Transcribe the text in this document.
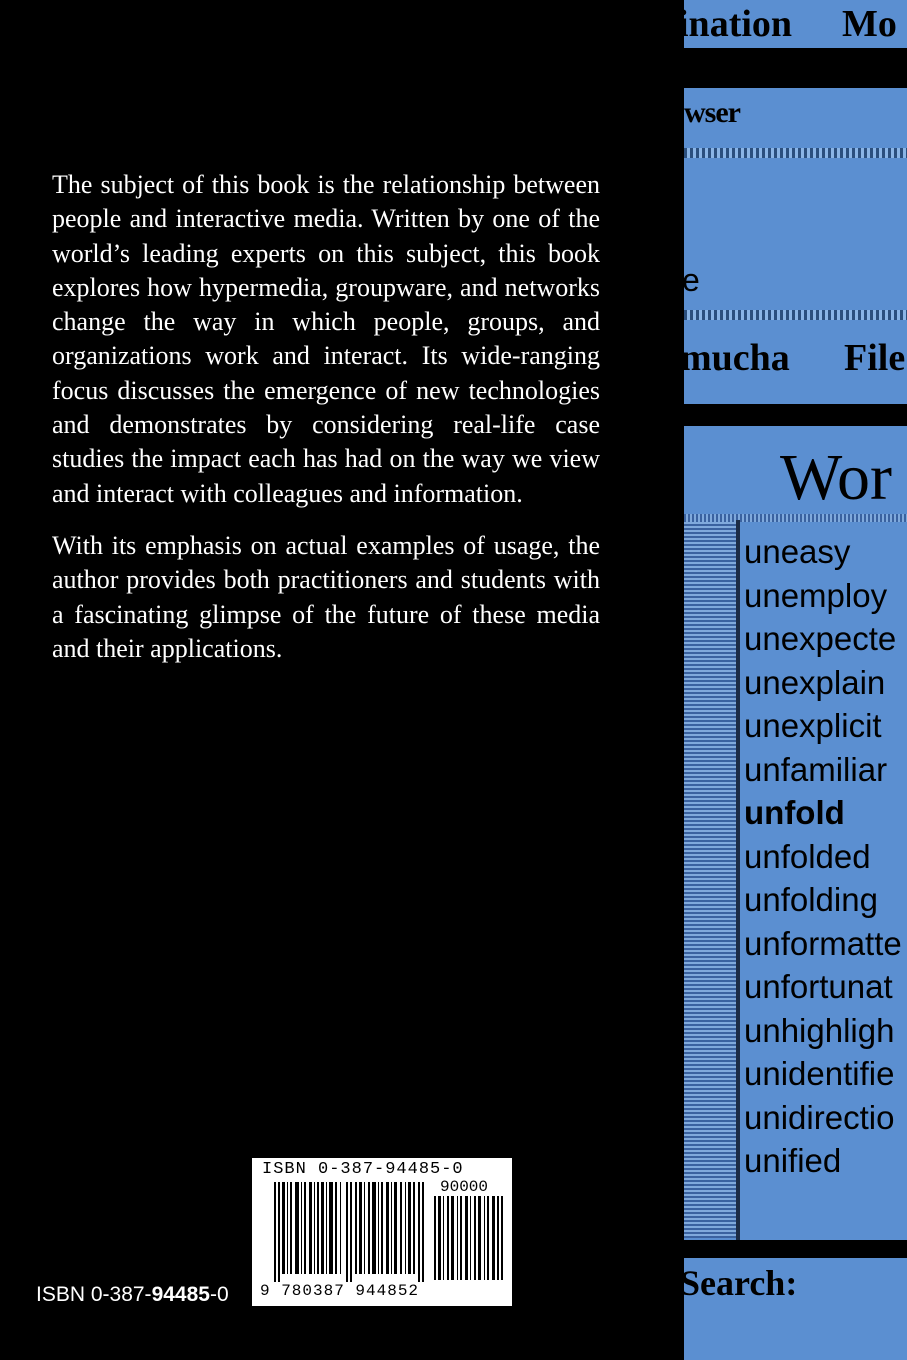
The subject of this book is the relationship between people and interactive media. Written by one of the world’s leading experts on this subject, this book explores how hypermedia, groupware, and networks change the way in which people, groups, and organizations work and interact. Its wide-ranging focus discusses the emergence of new technologies and demonstrates by considering real-life case studies the impact each has had on the way we view and interact with colleagues and information.

With its emphasis on actual examples of usage, the author provides both practitioners and students with a fascinating glimpse of the future of these media and their applications.

ISBN 0-387-94485-0
90000
9 780387 944852
ISBN 0-387-94485-0
ination Mo
wser
e
mucha File
Wor
uneasy
unemploy
unexpecte
unexplain
unexplicit
unfamiliar
unfold
unfolded
unfolding
unformatte
unfortunat
unhighligh
unidentifie
unidirectio
unified
Search:
